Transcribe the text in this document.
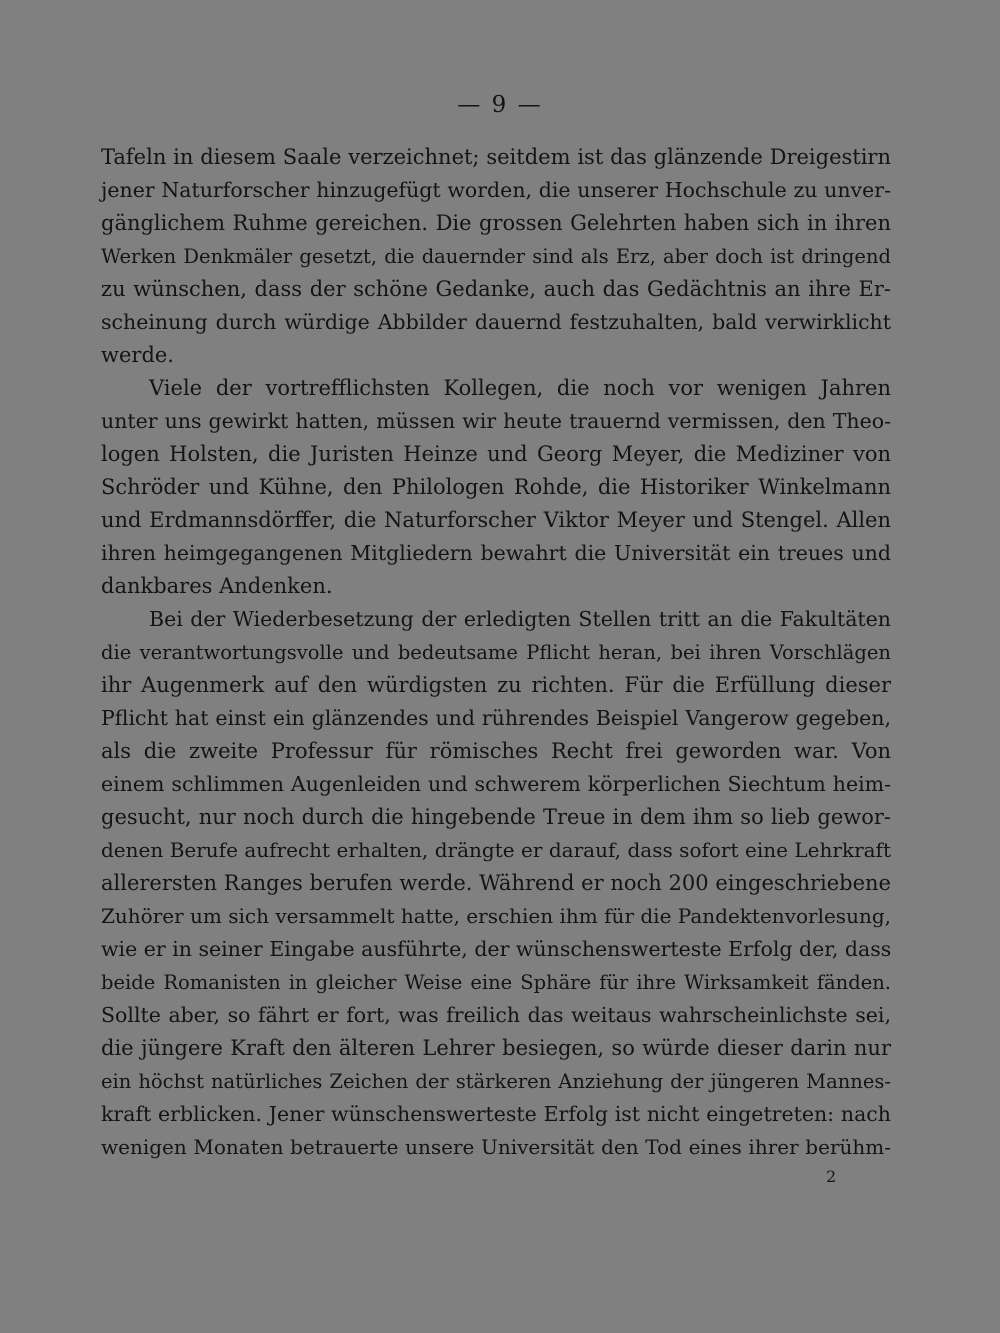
— 9 —
Tafeln in diesem Saale verzeichnet; seitdem ist das glänzende Dreigestirn
jener Naturforscher hinzugefügt worden, die unserer Hochschule zu unver-
gänglichem Ruhme gereichen. Die grossen Gelehrten haben sich in ihren
Werken Denkmäler gesetzt, die dauernder sind als Erz, aber doch ist dringend
zu wünschen, dass der schöne Gedanke, auch das Gedächtnis an ihre Er-
scheinung durch würdige Abbilder dauernd festzuhalten, bald verwirklicht
werde.
Viele der vortrefflichsten Kollegen, die noch vor wenigen Jahren
unter uns gewirkt hatten, müssen wir heute trauernd vermissen, den Theo-
logen Holsten, die Juristen Heinze und Georg Meyer, die Mediziner von
Schröder und Kühne, den Philologen Rohde, die Historiker Winkelmann
und Erdmannsdörffer, die Naturforscher Viktor Meyer und Stengel. Allen
ihren heimgegangenen Mitgliedern bewahrt die Universität ein treues und
dankbares Andenken.
Bei der Wiederbesetzung der erledigten Stellen tritt an die Fakultäten
die verantwortungsvolle und bedeutsame Pflicht heran, bei ihren Vorschlägen
ihr Augenmerk auf den würdigsten zu richten. Für die Erfüllung dieser
Pflicht hat einst ein glänzendes und rührendes Beispiel Vangerow gegeben,
als die zweite Professur für römisches Recht frei geworden war. Von
einem schlimmen Augenleiden und schwerem körperlichen Siechtum heim-
gesucht, nur noch durch die hingebende Treue in dem ihm so lieb gewor-
denen Berufe aufrecht erhalten, drängte er darauf, dass sofort eine Lehrkraft
allerersten Ranges berufen werde. Während er noch 200 eingeschriebene
Zuhörer um sich versammelt hatte, erschien ihm für die Pandektenvorlesung,
wie er in seiner Eingabe ausführte, der wünschenswerteste Erfolg der, dass
beide Romanisten in gleicher Weise eine Sphäre für ihre Wirksamkeit fänden.
Sollte aber, so fährt er fort, was freilich das weitaus wahrscheinlichste sei,
die jüngere Kraft den älteren Lehrer besiegen, so würde dieser darin nur
ein höchst natürliches Zeichen der stärkeren Anziehung der jüngeren Mannes-
kraft erblicken. Jener wünschenswerteste Erfolg ist nicht eingetreten: nach
wenigen Monaten betrauerte unsere Universität den Tod eines ihrer berühm-
2
